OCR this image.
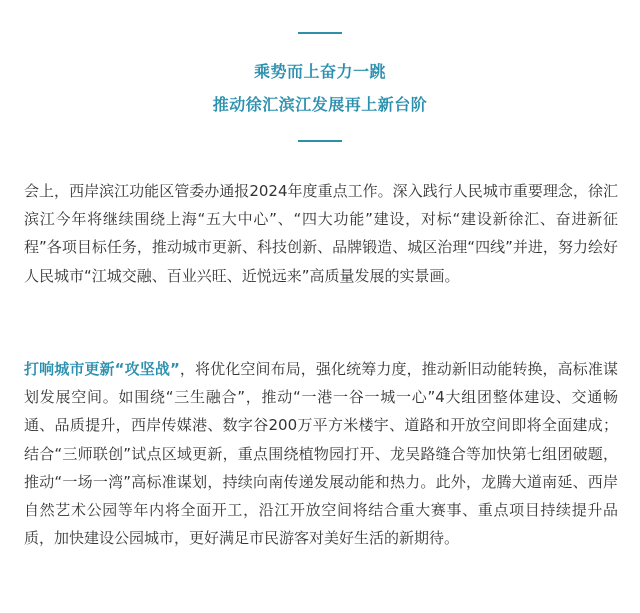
乘势而上奋力一跳
推动徐汇滨江发展再上新台阶

会上，西岸滨江功能区管委办通报2024年度重点工作。深入践行人民城市重要理念，徐汇滨江今年将继续围绕上海“五大中心”、“四大功能”建设，对标“建设新徐汇、奋进新征程”各项目标任务，推动城市更新、科技创新、品牌锻造、城区治理“四线”并进，努力绘好人民城市“江城交融、百业兴旺、近悦远来”高质量发展的实景画。

打响城市更新“攻坚战”，将优化空间布局，强化统筹力度，推动新旧动能转换，高标准谋划发展空间。如围绕“三生融合”，推动“一港一谷一城一心”4大组团整体建设、交通畅通、品质提升，西岸传媒港、数字谷200万平方米楼宇、道路和开放空间即将全面建成；结合“三师联创”试点区域更新，重点围绕植物园打开、龙吴路缝合等加快第七组团破题，推动“一场一湾”高标准谋划，持续向南传递发展动能和热力。此外，龙腾大道南延、西岸自然艺术公园等年内将全面开工，沿江开放空间将结合重大赛事、重点项目持续提升品质，加快建设公园城市，更好满足市民游客对美好生活的新期待。
